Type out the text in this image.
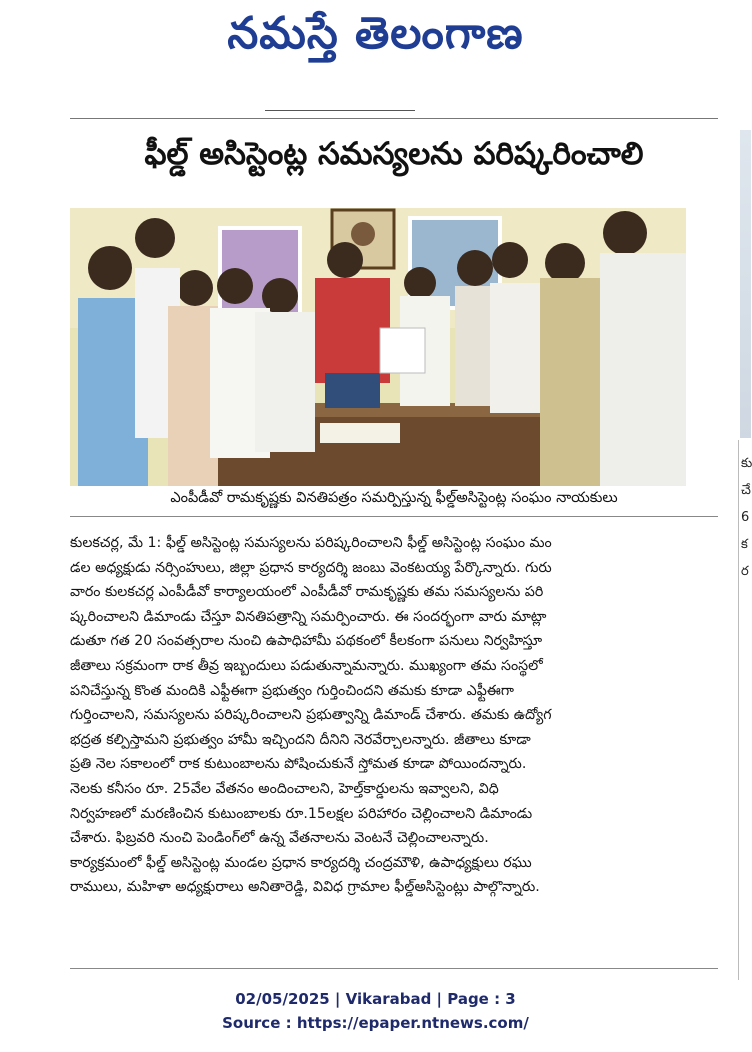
నమస్తే తెలంగాణ
ఫీల్డ్ అసిస్టెంట్ల సమస్యలను పరిష్కరించాలి
ఎంపీడీవో రామకృష్ణకు వినతిపత్రం సమర్పిస్తున్న ఫీల్డ్అసిస్టెంట్ల సంఘం నాయకులు
కులకచర్ల, మే 1: ఫీల్డ్ అసిస్టెంట్ల సమస్యలను పరిష్కరించాలని ఫీల్డ్ అసిస్టెంట్ల సంఘం మం
డల అధ్యక్షుడు నర్సింహులు, జిల్లా ప్రధాన కార్యదర్శి జంబు వెంకటయ్య పేర్కొన్నారు. గురు
వారం కులకచర్ల ఎంపీడీవో కార్యాలయంలో ఎంపీడీవో రామకృష్ణకు తమ సమస్యలను పరి
ష్కరించాలని డిమాండు చేస్తూ వినతిపత్రాన్ని సమర్పించారు. ఈ సందర్భంగా వారు మాట్లా
డుతూ గత 20 సంవత్సరాల నుంచి ఉపాధిహామీ పథకంలో కీలకంగా పనులు నిర్వహిస్తూ
జీతాలు సక్రమంగా రాక తీవ్ర ఇబ్బందులు పడుతున్నామన్నారు. ముఖ్యంగా తమ సంస్థలో
పనిచేస్తున్న కొంత మందికి ఎఫ్టీఈగా ప్రభుత్వం గుర్తించిందని తమకు కూడా ఎఫ్టీఈగా
గుర్తించాలని, సమస్యలను పరిష్కరించాలని ప్రభుత్వాన్ని డిమాండ్ చేశారు. తమకు ఉద్యోగ
భద్రత కల్పిస్తామని ప్రభుత్వం హామీ ఇచ్చిందని దీనిని నెరవేర్చాలన్నారు. జీతాలు కూడా
ప్రతి నెల సకాలంలో రాక కుటుంబాలను పోషించుకునే స్తోమత కూడా పోయిందన్నారు.
నెలకు కనీసం రూ. 25వేల వేతనం అందించాలని, హెల్త్‌కార్డులను ఇవ్వాలని, విధి
నిర్వహణలో మరణించిన కుటుంబాలకు రూ.15లక్షల పరిహారం చెల్లించాలని డిమాండు
చేశారు. ఫిబ్రవరి నుంచి పెండింగ్‌లో ఉన్న వేతనాలను వెంటనే చెల్లించాలన్నారు.
కార్యక్రమంలో ఫీల్డ్ అసిస్టెంట్ల మండల ప్రధాన కార్యదర్శి చంద్రమౌళి, ఉపాధ్యక్షులు రఘు
రాములు, మహిళా అధ్యక్షురాలు అనితారెడ్డి, వివిధ గ్రామాల ఫీల్డ్అసిస్టెంట్లు పాల్గొన్నారు.
కు
చే
6
క
ర
02/05/2025 | Vikarabad | Page : 3
Source : https://epaper.ntnews.com/
